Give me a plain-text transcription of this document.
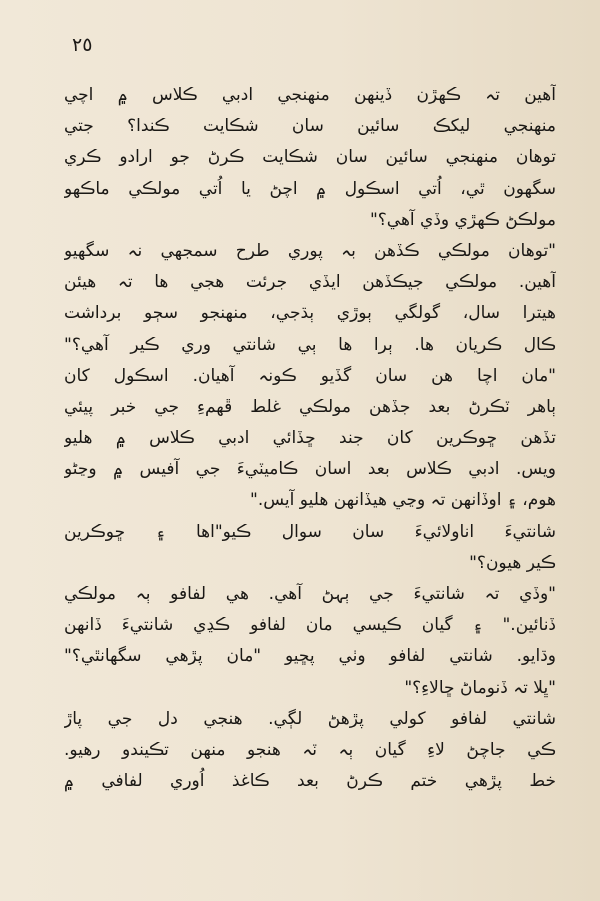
٢٥
آهين تہ ڪهڙن ڏينهن منهنجي ادبي ڪلاس ۾ اچي
منهنجي ليکڪ سائين سان شڪايت ڪندا؟ جتي
توهان منهنجي سائين سان شڪايت ڪرڻ جو ارادو ڪري
سگهون ٿي، اُتي اسڪول ۾ اچڻ يا اُتي مولڪي ماڪهو
مولڪڻ ڪهڙي وڏي آهي؟"
"توهان مولڪي ڪڏهن بہ پوري طرح سمجهي نہ سگهيو
آهين. مولڪي جيڪڏهن ايڏي جرئت هجي ها تہ هيئن
هيترا سال، گولگي ٻوڙي ٻڌجي، منهنجو سڄو برداشت
ڪال ڪريان ها. ٻرا ها ٻي شانتي وري ڪير آهي؟"
"مان اچا هن سان گڏيو ڪونہ آهيان. اسڪول کان
ٻاهر ٽڪرڻ بعد جڏهن مولڪي غلط ڦهمءِ جي خبر پيئي
تڏهن ڇوڪرين کان جند ڇڏائي ادبي ڪلاس ۾ هليو
ويس. ادبي ڪلاس بعد اسان ڪاميٽيءَ جي آفيس ۾ وڃڻو
هوم، ۽ اوڏانهن تہ وڃي هيڏانهن هليو آيس."
شانتيءَ اناولائيءَ سان سوال ڪيو"اها ۽ ڇوڪرين
ڪير هيون؟"
"وڏي تہ شانتيءَ جي ٻہڻ آهي. هي لفافو ٻہ مولڪي
ڏنائين." ۽ گيان ڪيسي مان لفافو ڪڍي شانتيءَ ڏانهن
وڌايو. شانتي لفافو وٺي پڇيو "مان پڙهي سگهانٿي؟"
"ڀلا تہ ڏنوماڻ ڇالاءِ؟"
شانتي لفافو کولي پڙهڻ لڳي. هنجي دل جي پاڙ
ڪي جاچڻ لاءِ گيان ٻہ ٽہ هنجو منهن تڪيندو رهيو.
خط پڙهي ختم ڪرڻ بعد ڪاغذ اُوري لفافي ۾
